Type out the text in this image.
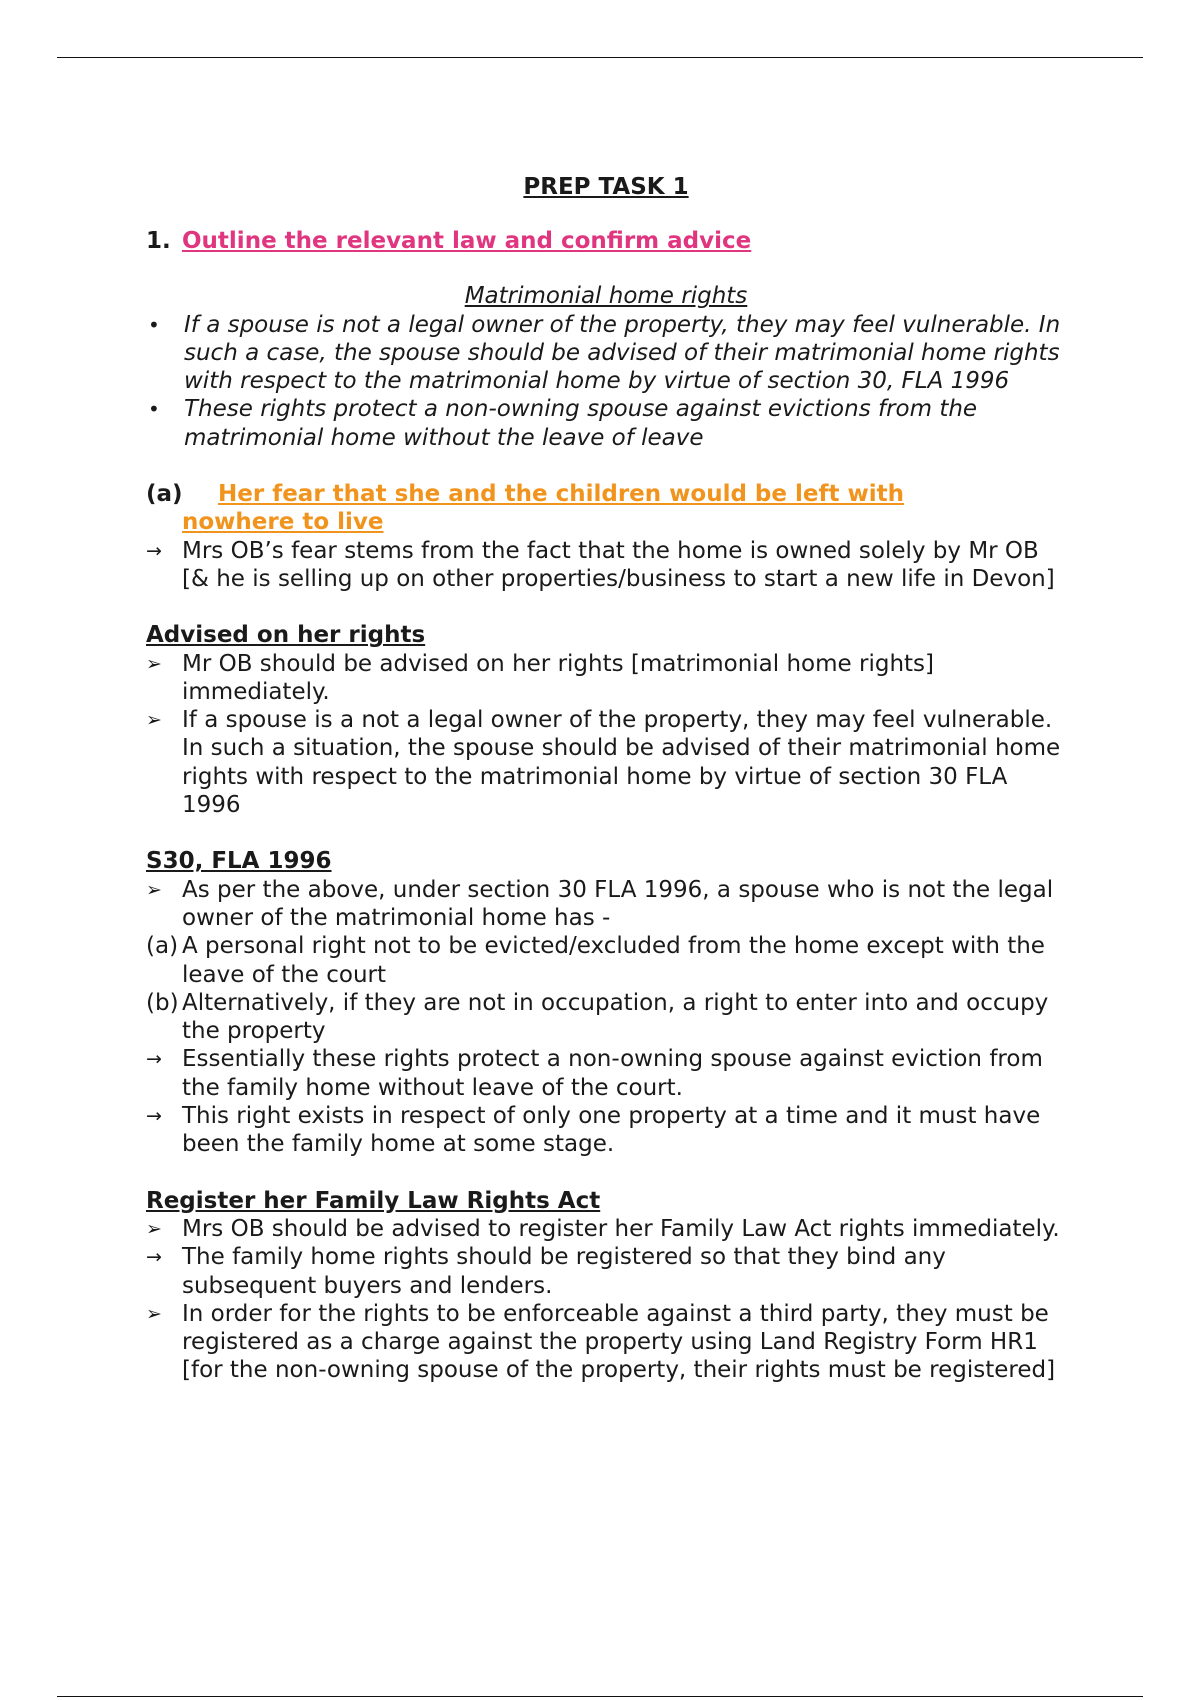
PREP TASK 1

1. Outline the relevant law and confirm advice
Matrimonial home rights
•	If a spouse is not a legal owner of the property, they may feel vulnerable. In such a case, the spouse should be advised of their matrimonial home rights with respect to the matrimonial home by virtue of section 30, FLA 1996
•	These rights protect a non-owning spouse against evictions from the matrimonial home without the leave of leave
(a)	Her fear that she and the children would be left with
nowhere to live
→ Mrs OB’s fear stems from the fact that the home is owned solely by Mr OB [& he is selling up on other properties/business to start a new life in Devon]
Advised on her rights
➢ Mr OB should be advised on her rights [matrimonial home rights] immediately.
➢ If a spouse is a not a legal owner of the property, they may feel vulnerable. In such a situation, the spouse should be advised of their matrimonial home rights with respect to the matrimonial home by virtue of section 30 FLA 1996
S30, FLA 1996
➢ As per the above, under section 30 FLA 1996, a spouse who is not the legal owner of the matrimonial home has -
(a) A personal right not to be evicted/excluded from the home except with the leave of the court
(b) Alternatively, if they are not in occupation, a right to enter into and occupy the property
→ Essentially these rights protect a non-owning spouse against eviction from the family home without leave of the court.
→ This right exists in respect of only one property at a time and it must have been the family home at some stage.
Register her Family Law Rights Act
➢ Mrs OB should be advised to register her Family Law Act rights immediately.
→ The family home rights should be registered so that they bind any subsequent buyers and lenders.
➢ In order for the rights to be enforceable against a third party, they must be registered as a charge against the property using Land Registry Form HR1 [for the non-owning spouse of the property, their rights must be registered]
